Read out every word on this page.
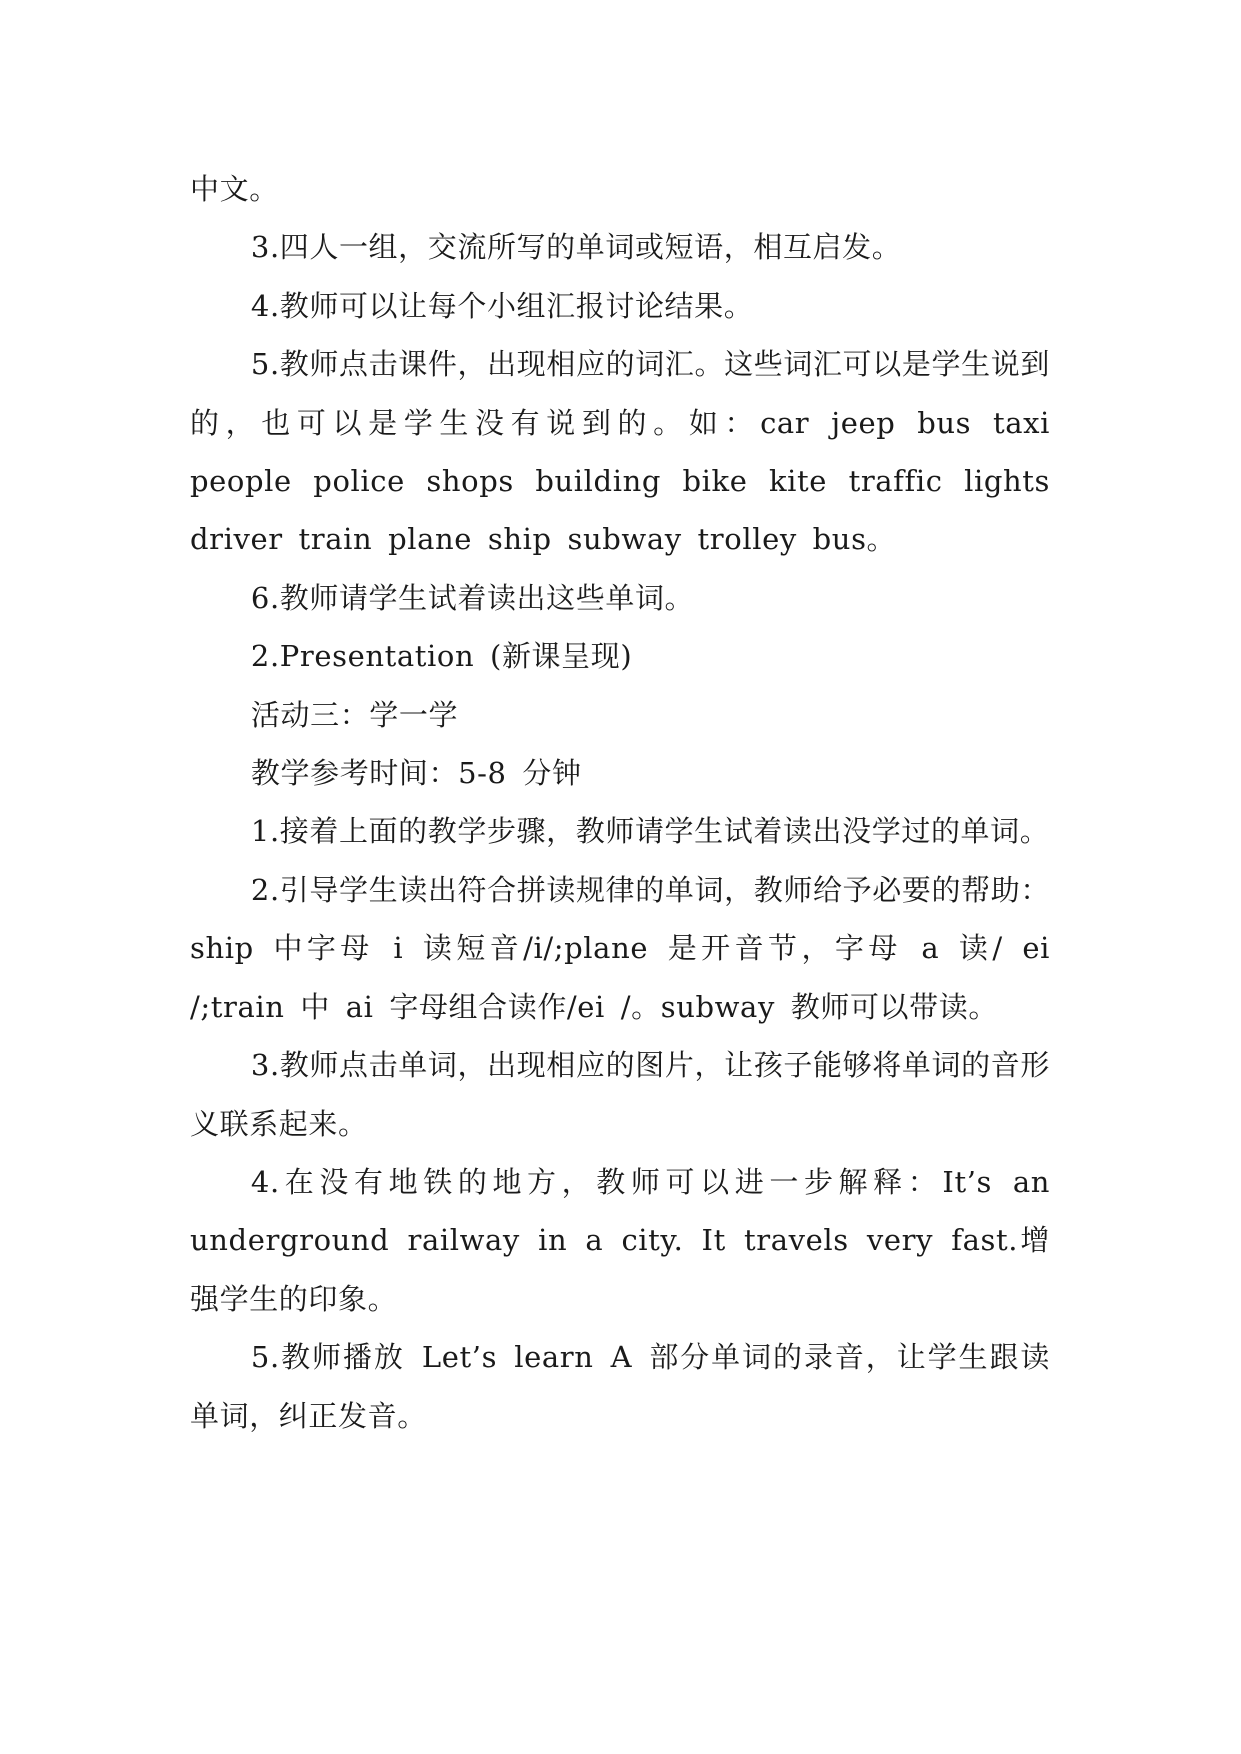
中文。

3.四人一组，交流所写的单词或短语，相互启发。

4.教师可以让每个小组汇报讨论结果。

5.教师点击课件，出现相应的词汇。这些词汇可以是学生说到的，也可以是学生没有说到的。如：car jeep bus taxi people police shops building bike kite traffic lights driver train plane ship subway trolley bus。

6.教师请学生试着读出这些单词。

2.Presentation (新课呈现)

活动三：学一学

教学参考时间：5-8 分钟

1.接着上面的教学步骤，教师请学生试着读出没学过的单词。

2.引导学生读出符合拼读规律的单词，教师给予必要的帮助：ship 中字母 i 读短音/i/;plane 是开音节，字母 a 读/ ei /;train 中 ai 字母组合读作/ei /。subway 教师可以带读。

3.教师点击单词，出现相应的图片，让孩子能够将单词的音形义联系起来。

4.在没有地铁的地方，教师可以进一步解释：It’s an underground railway in a city. It travels very fast.增强学生的印象。

5.教师播放 Let’s learn A 部分单词的录音，让学生跟读单词，纠正发音。
